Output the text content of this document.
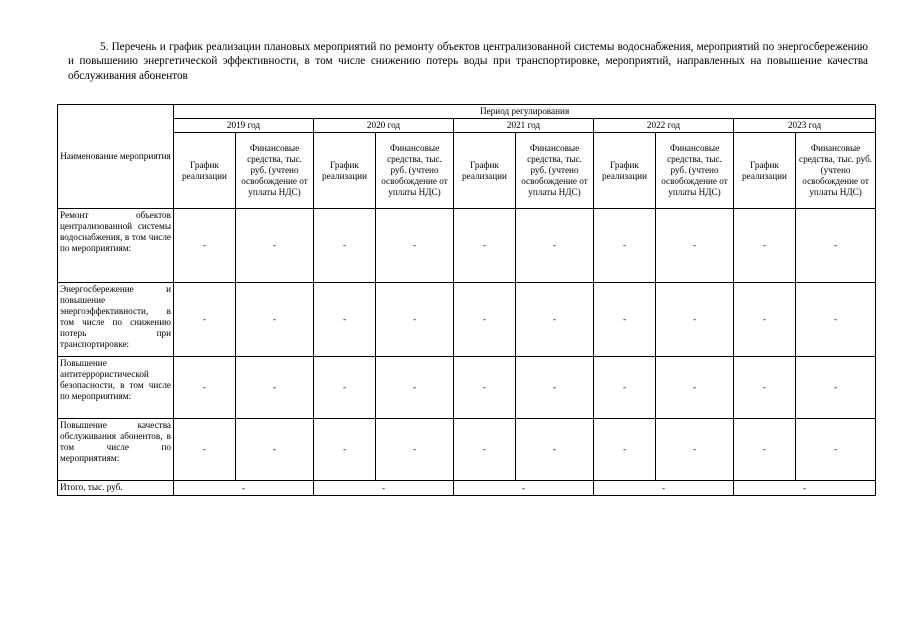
5. Перечень и график реализации плановых мероприятий по ремонту объектов централизованной системы водоснабжения, мероприятий по энергосбережению и повышению энергетической эффективности, в том числе снижению потерь воды при транспортировке, мероприятий, направленных на повышение качества обслуживания абонентов

Наименование мероприятия	Период регулирования									
	2019 год		2020 год		2021 год		2022 год		2023 год	
	График реализации	Финансовые средства, тыс. руб. (учтено освобождение от уплаты НДС)	График реализации	Финансовые средства, тыс. руб. (учтено освобождение от уплаты НДС)	График реализации	Финансовые средства, тыс. руб. (учтено освобождение от уплаты НДС)	График реализации	Финансовые средства, тыс. руб. (учтено освобождение от уплаты НДС)	График реализации	Финансовые средства, тыс. руб. (учтено освобождение от уплаты НДС)
Ремонт объектов централизованной системы водоснабжения, в том числе по мероприятиям:	-	-	-	-	-	-	-	-	-	-
Энергосбережение и повышение энергоэффективности, в том числе по снижению потерь при транспортировке:	-	-	-	-	-	-	-	-	-	-
Повышение антитеррористической безопасности, в том числе по мероприятиям:	-	-	-	-	-	-	-	-	-	-
Повышение качества обслуживания абонентов, в том числе по мероприятиям:	-	-	-	-	-	-	-	-	-	-
Итого, тыс. руб.	-		-		-		-		-	
